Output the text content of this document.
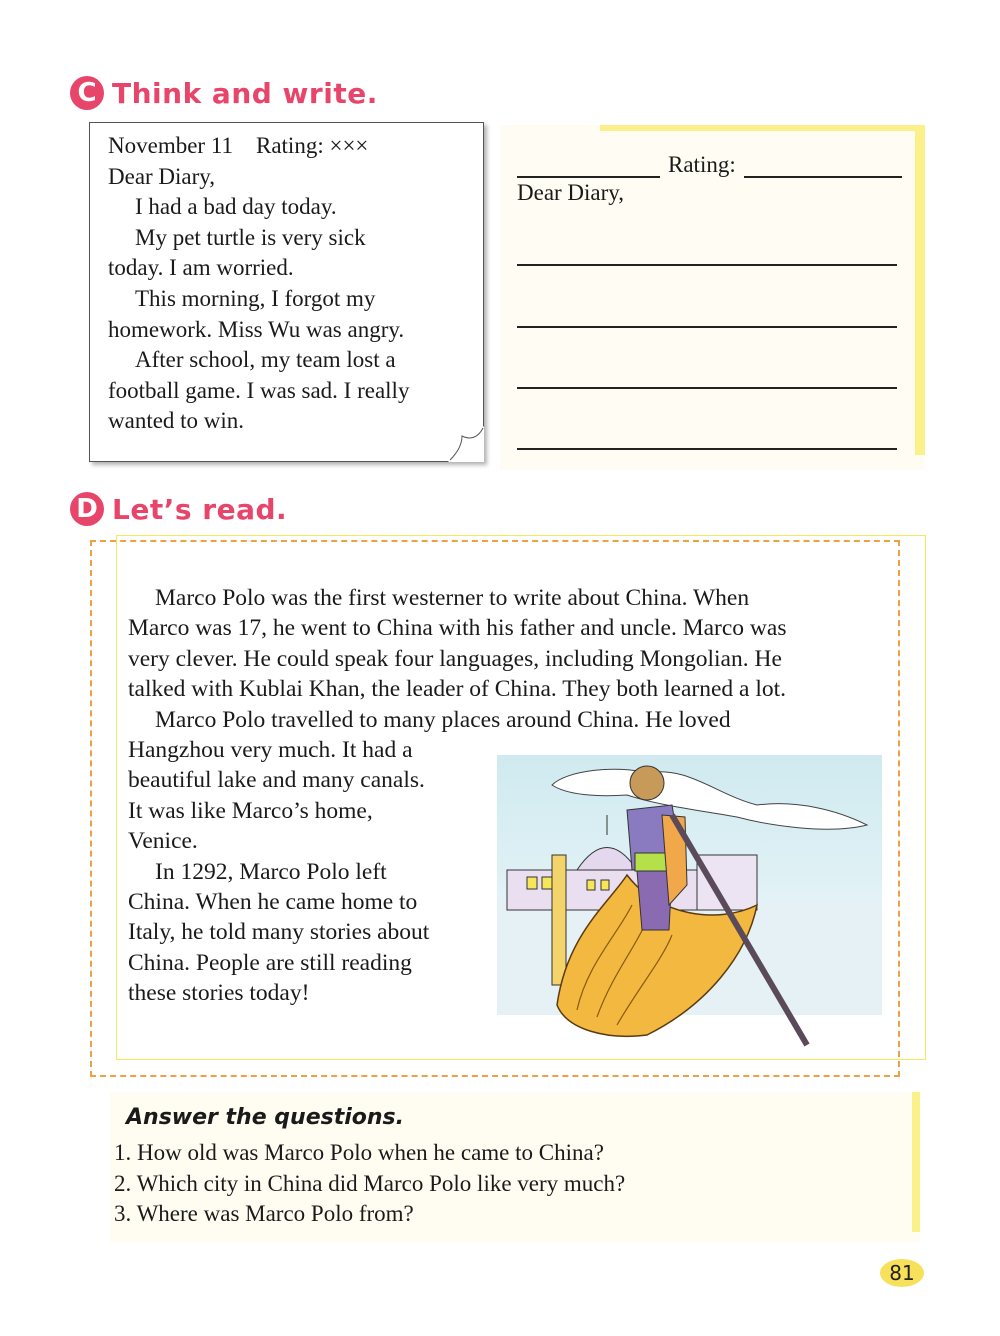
C Think and write.

November 11 Rating: ×××

Dear Diary,

I had a bad day today.

My pet turtle is very sick

today. I am worried.

This morning, I forgot my

homework. Miss Wu was angry.

After school, my team lost a

football game. I was sad. I really

wanted to win.

Rating:
Dear Diary,
D Let’s read.

Marco Polo was the first westerner to write about China. When

Marco was 17, he went to China with his father and uncle. Marco was

very clever. He could speak four languages, including Mongolian. He

talked with Kublai Khan, the leader of China. They both learned a lot.

Marco Polo travelled to many places around China. He loved

Hangzhou very much. It had a

beautiful lake and many canals.

It was like Marco’s home,

Venice.

In 1292, Marco Polo left

China. When he came home to

Italy, he told many stories about

China. People are still reading

these stories today!

Answer the questions.
1. How old was Marco Polo when he came to China?
2. Which city in China did Marco Polo like very much?
3. Where was Marco Polo from?
81
